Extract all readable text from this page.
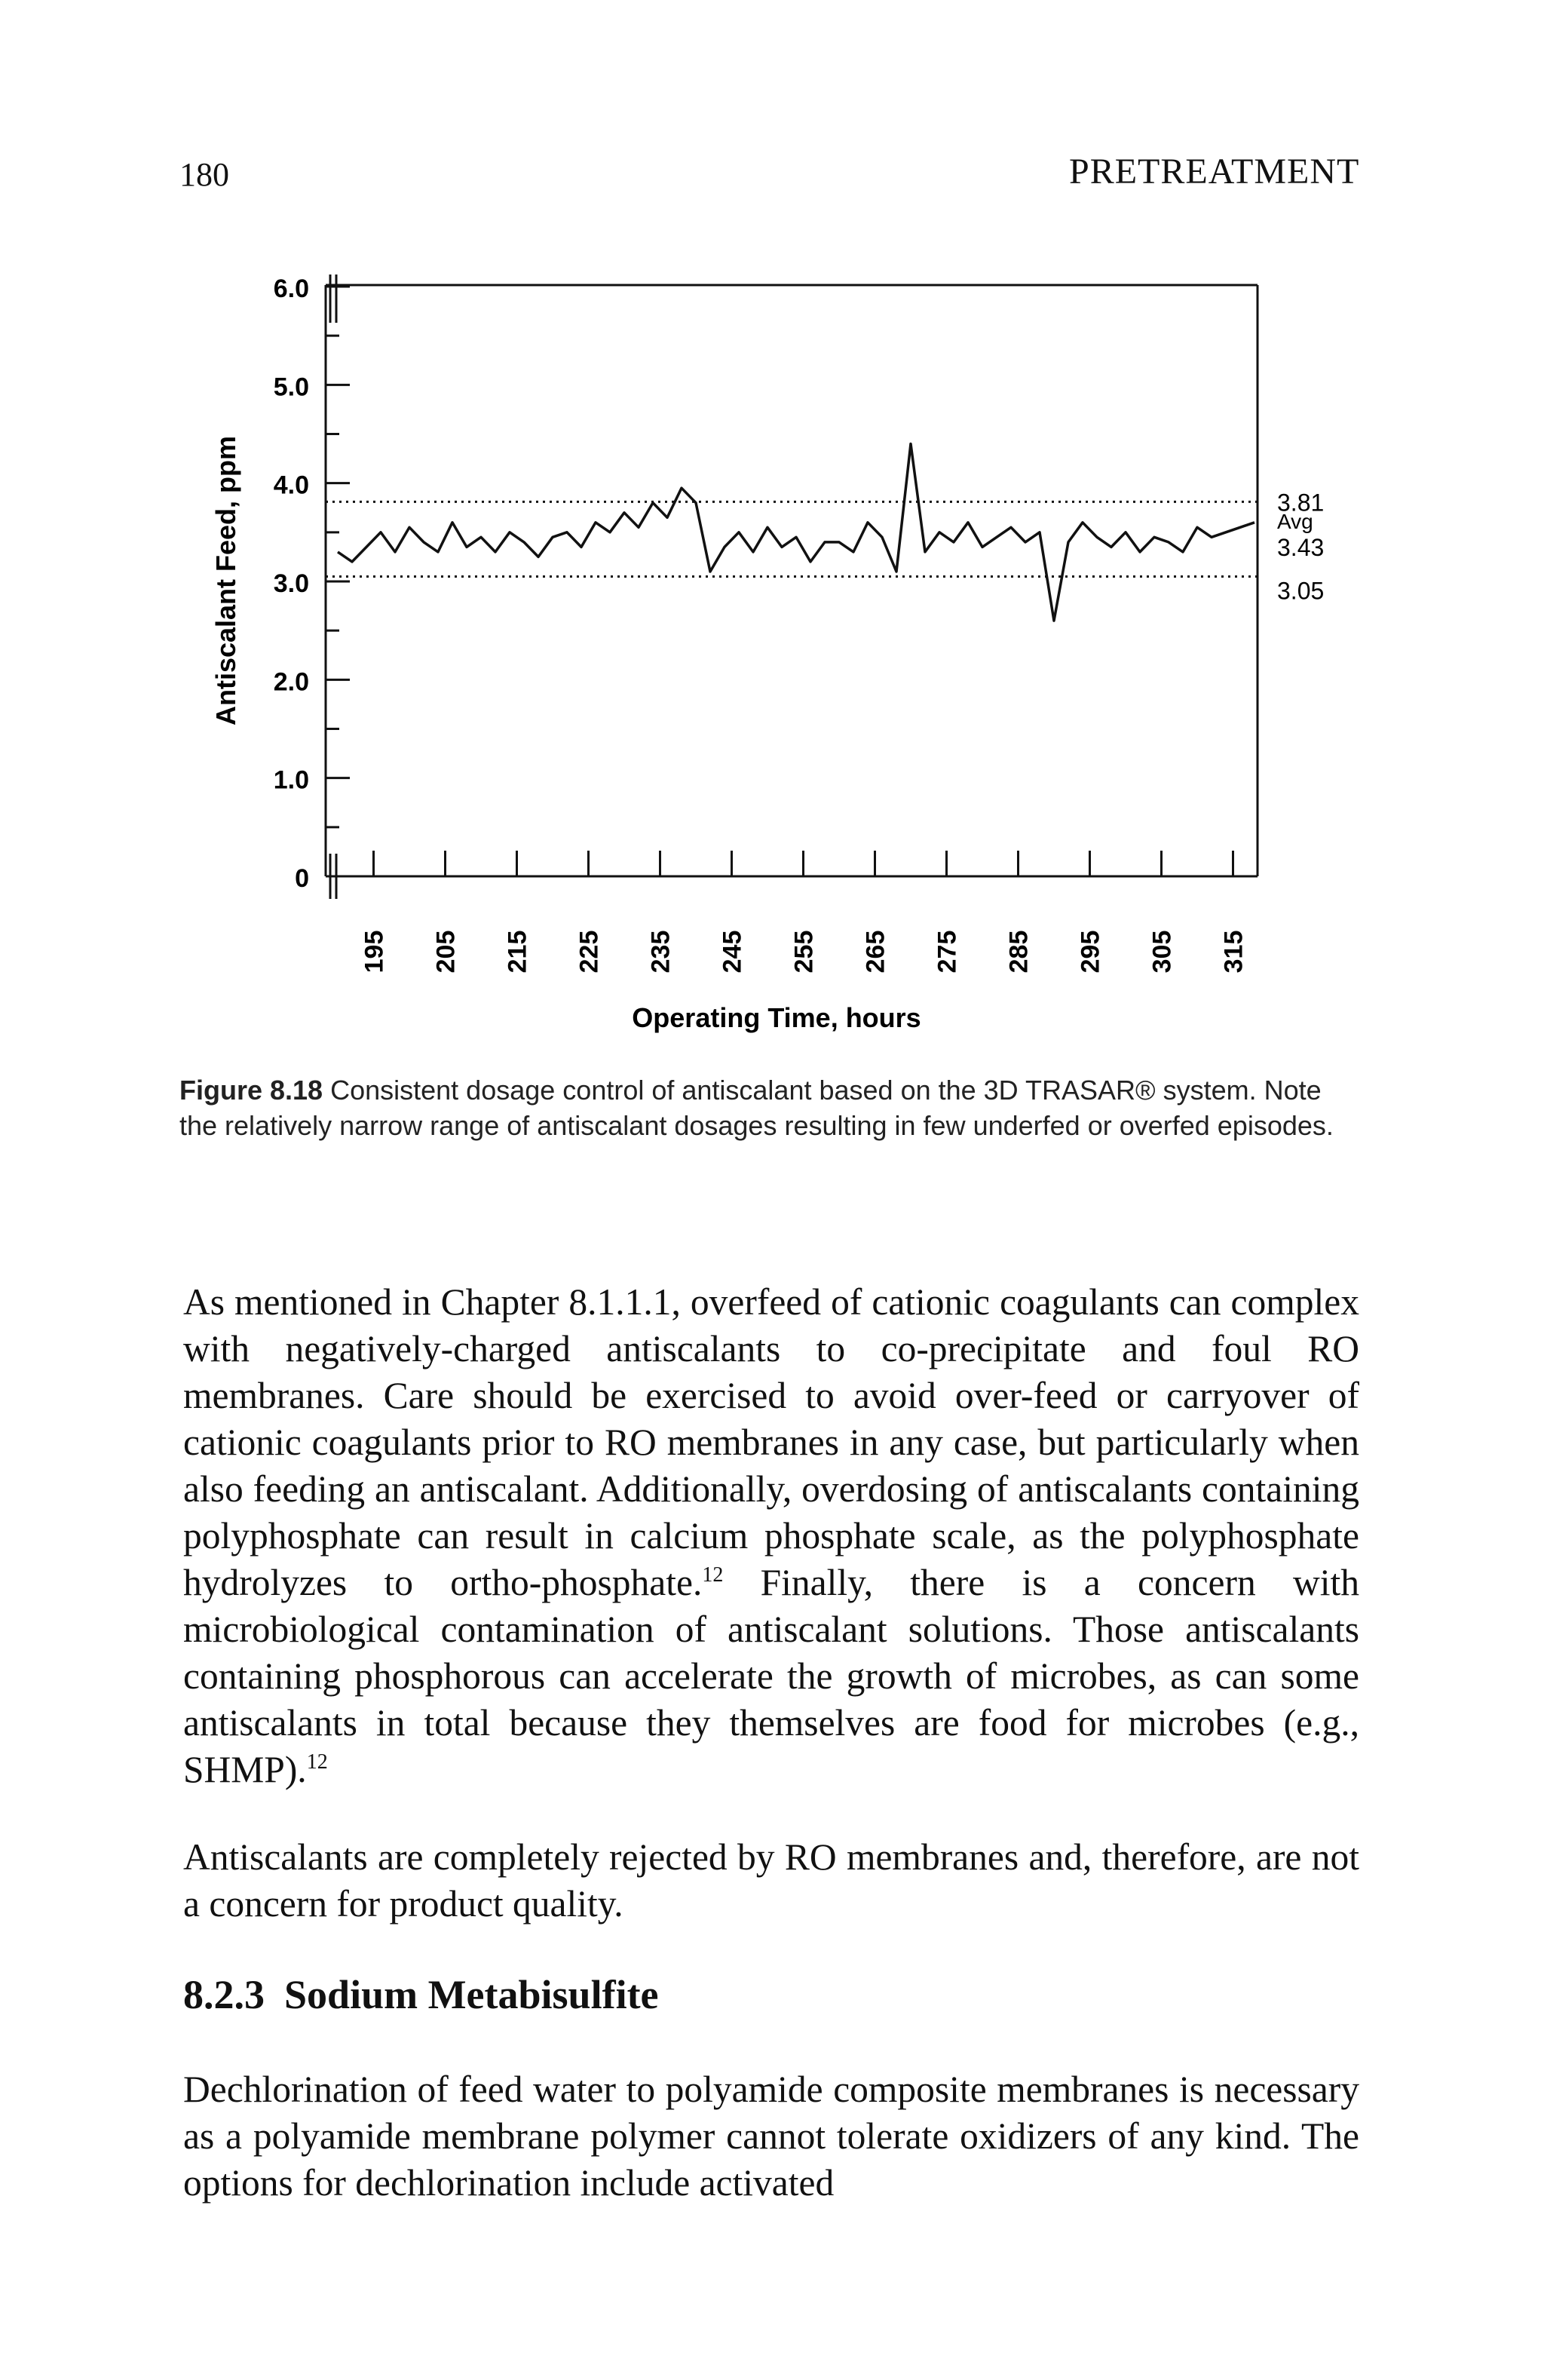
180	PRETREATMENT
Antiscalant Feed, ppm
Operating Time, hours
3.81
Avg
3.43
3.05
0
1.0
2.0
3.0
4.0
5.0
6.0
195 205 215 225 235 245 255 265 275 285 295 305 315
Figure 8.18 Consistent dosage control of antiscalant based on the 3D TRASAR® system. Note the relatively narrow range of antiscalant dosages resulting in few underfed or overfed episodes.

As mentioned in Chapter 8.1.1.1, overfeed of cationic coagulants can complex with negatively-charged antiscalants to co-precipitate and foul RO membranes. Care should be exercised to avoid over-feed or carryover of cationic coagulants prior to RO membranes in any case, but particularly when also feeding an antiscalant. Additionally, overdosing of antiscalants containing polyphosphate can result in calcium phosphate scale, as the polyphosphate hydrolyzes to ortho-phosphate.$^{12}$ Finally, there is a concern with microbiological contamination of antiscalant solutions. Those antiscalants containing phosphorous can accelerate the growth of microbes, as can some antiscalants in total because they themselves are food for microbes (e.g., SHMP).$^{12}$

Antiscalants are completely rejected by RO membranes and, therefore, are not a concern for product quality.

8.2.3 Sodium Metabisulfite

Dechlorination of feed water to polyamide composite membranes is necessary as a polyamide membrane polymer cannot tolerate oxidizers of any kind. The options for dechlorination include activated
